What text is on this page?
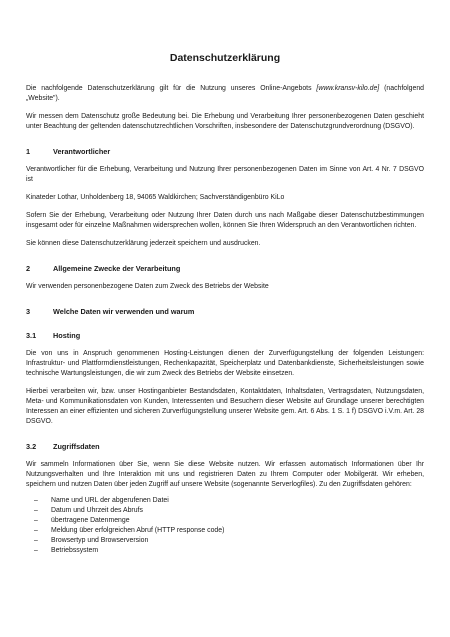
Datenschutzerklärung

Die nachfolgende Datenschutzerklärung gilt für die Nutzung unseres Online-Angebots [www.kransv-kilo.de] (nachfolgend „Website").

Wir messen dem Datenschutz große Bedeutung bei. Die Erhebung und Verarbeitung Ihrer personenbezogenen Daten geschieht unter Beachtung der geltenden datenschutzrechtlichen Vorschriften, insbesondere der Datenschutzgrundverordnung (DSGVO).

1	Verantwortlicher

Verantwortlicher für die Erhebung, Verarbeitung und Nutzung Ihrer personenbezogenen Daten im Sinne von Art. 4 Nr. 7 DSGVO ist

Kinateder Lothar, Unholdenberg 18, 94065 Waldkirchen; Sachverständigenbüro KiLo

Sofern Sie der Erhebung, Verarbeitung oder Nutzung Ihrer Daten durch uns nach Maßgabe dieser Datenschutzbestimmungen insgesamt oder für einzelne Maßnahmen widersprechen wollen, können Sie Ihren Widerspruch an den Verantwortlichen richten.

Sie können diese Datenschutzerklärung jederzeit speichern und ausdrucken.

2	Allgemeine Zwecke der Verarbeitung

Wir verwenden personenbezogene Daten zum Zweck des Betriebs der Website

3	Welche Daten wir verwenden und warum
3.1	Hosting

Die von uns in Anspruch genommenen Hosting-Leistungen dienen der Zurverfügungstellung der folgenden Leistungen: Infrastruktur- und Plattformdienstleistungen, Rechenkapazität, Speicherplatz und Datenbankdienste, Sicherheitsleistungen sowie technische Wartungsleistungen, die wir zum Zweck des Betriebs der Website einsetzen.

Hierbei verarbeiten wir, bzw. unser Hostinganbieter Bestandsdaten, Kontaktdaten, Inhaltsdaten, Vertragsdaten, Nutzungsdaten, Meta- und Kommunikationsdaten von Kunden, Interessenten und Besuchern dieser Website auf Grundlage unserer berechtigten Interessen an einer effizienten und sicheren Zurverfügungstellung unserer Website gem. Art. 6 Abs. 1 S. 1 f) DSGVO i.V.m. Art. 28 DSGVO.

3.2	Zugriffsdaten

Wir sammeln Informationen über Sie, wenn Sie diese Website nutzen. Wir erfassen automatisch Informationen über Ihr Nutzungsverhalten und Ihre Interaktion mit uns und registrieren Daten zu Ihrem Computer oder Mobilgerät. Wir erheben, speichern und nutzen Daten über jeden Zugriff auf unsere Website (sogenannte Serverlogfiles). Zu den Zugriffsdaten gehören:

–	Name und URL der abgerufenen Datei
–	Datum und Uhrzeit des Abrufs
–	übertragene Datenmenge
–	Meldung über erfolgreichen Abruf (HTTP response code)
–	Browsertyp und Browserversion
–	Betriebssystem
